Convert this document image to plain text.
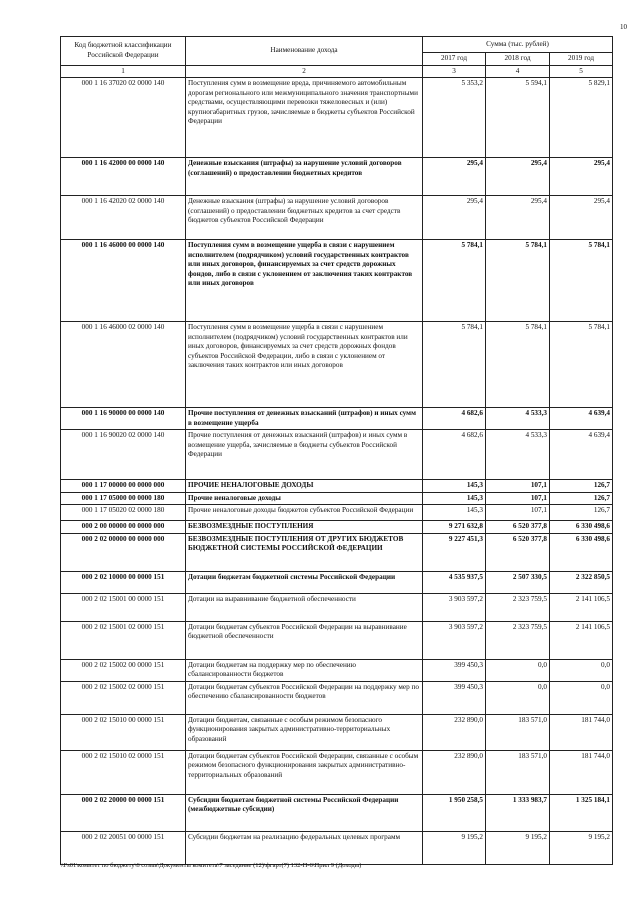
10
Код бюджетной классификации Российской Федерации	Наименование дохода	Сумма (тыс. рублей)		
		2017 год	2018 год	2019 год
1	2	3	4	5
000 1 16 37020 02 0000 140	Поступления сумм в возмещение вреда, причиняемого автомобильным дорогам регионального или межмуниципального значения транспортными средствами, осуществляющими перевозки тяжеловесных и (или) крупногабаритных грузов, зачисляемые в бюджеты субъектов Российской Федерации	5 353,2	5 594,1	5 829,1
000 1 16 42000 00 0000 140	Денежные взыскания (штрафы) за нарушение условий договоров (соглашений) о предоставлении бюджетных кредитов	295,4	295,4	295,4
000 1 16 42020 02 0000 140	Денежные взыскания (штрафы) за нарушение условий договоров (соглашений) о предоставлении бюджетных кредитов за счет средств бюджетов субъектов Российской Федерации	295,4	295,4	295,4
000 1 16 46000 00 0000 140	Поступления сумм в возмещение ущерба в связи с нарушением исполнителем (подрядчиком) условий государственных контрактов или иных договоров, финансируемых за счет средств дорожных фондов, либо в связи с уклонением от заключения таких контрактов или иных договоров	5 784,1	5 784,1	5 784,1
000 1 16 46000 02 0000 140	Поступления сумм в возмещение ущерба в связи с нарушением исполнителем (подрядчиком) условий государственных контрактов или иных договоров, финансируемых за счет средств дорожных фондов субъектов Российской Федерации, либо в связи с уклонением от заключения таких контрактов или иных договоров	5 784,1	5 784,1	5 784,1
000 1 16 90000 00 0000 140	Прочие поступления от денежных взысканий (штрафов) и иных сумм в возмещение ущерба	4 682,6	4 533,3	4 639,4
000 1 16 90020 02 0000 140	Прочие поступления от денежных взысканий (штрафов) и иных сумм в возмещение ущерба, зачисляемые в бюджеты субъектов Российской Федерации	4 682,6	4 533,3	4 639,4
000 1 17 00000 00 0000 000	ПРОЧИЕ НЕНАЛОГОВЫЕ ДОХОДЫ	145,3	107,1	126,7
000 1 17 05000 00 0000 180	Прочие неналоговые доходы	145,3	107,1	126,7
000 1 17 05020 02 0000 180	Прочие неналоговые доходы бюджетов субъектов Российской Федерации	145,3	107,1	126,7
000 2 00 00000 00 0000 000	БЕЗВОЗМЕЗДНЫЕ ПОСТУПЛЕНИЯ	9 271 632,8	6 520 377,8	6 330 498,6
000 2 02 00000 00 0000 000	БЕЗВОЗМЕЗДНЫЕ ПОСТУПЛЕНИЯ ОТ ДРУГИХ БЮДЖЕТОВ БЮДЖЕТНОЙ СИСТЕМЫ РОССИЙСКОЙ ФЕДЕРАЦИИ	9 227 451,3	6 520 377,8	6 330 498,6
000 2 02 10000 00 0000 151	Дотации бюджетам бюджетной системы Российской Федерации	4 535 937,5	2 507 330,5	2 322 850,5
000 2 02 15001 00 0000 151	Дотации на выравнивание бюджетной обеспеченности	3 903 597,2	2 323 759,5	2 141 106,5
000 2 02 15001 02 0000 151	Дотации бюджетам субъектов Российской Федерации на выравнивание бюджетной обеспеченности	3 903 597,2	2 323 759,5	2 141 106,5
000 2 02 15002 00 0000 151	Дотации бюджетам на поддержку мер по обеспечению сбалансированности бюджетов	399 450,3	0,0	0,0
000 2 02 15002 02 0000 151	Дотации бюджетам субъектов Российской Федерации на поддержку мер по обеспечению сбалансированности бюджетов	399 450,3	0,0	0,0
000 2 02 15010 00 0000 151	Дотации бюджетам, связанные с особым режимом безопасного функционирования закрытых административно-территориальных образований	232 890,0	183 571,0	181 744,0
000 2 02 15010 02 0000 151	Дотации бюджетам субъектов Российской Федерации, связанные с особым режимом безопасного функционирования закрытых административно-территориальных образований	232 890,0	183 571,0	181 744,0
000 2 02 20000 00 0000 151	Субсидии бюджетам бюджетной системы Российской Федерации (межбюджетные субсидии)	1 950 258,5	1 333 983,7	1 325 184,1
000 2 02 20051 00 0000 151	Субсидии бюджетам на реализацию федеральных целевых программ	9 195,2	9 195,2	9 195,2
\\Fs01\комитет по бюджету\6 созыв\Документы комитета\7 заседание (12)\фгарт(7) 132-П-6\Прил 9 (Доходы)
